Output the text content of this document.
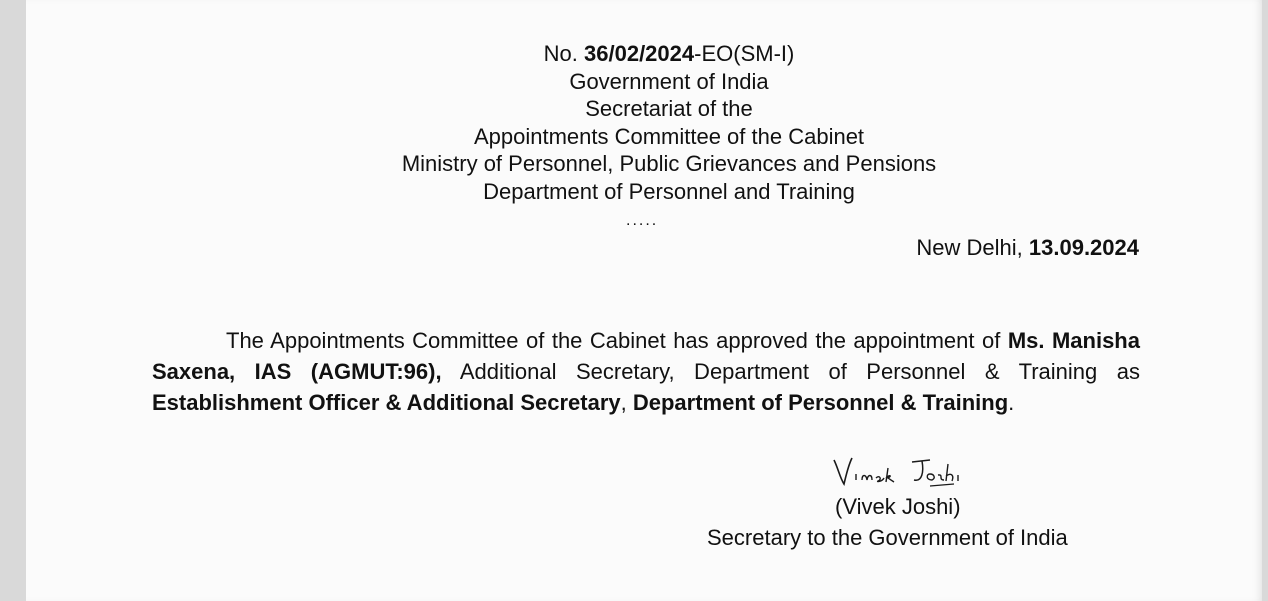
No. 36/02/2024-EO(SM-I)
Government of India
Secretariat of the
Appointments Committee of the Cabinet
Ministry of Personnel, Public Grievances and Pensions
Department of Personnel and Training
.....
New Delhi, 13.09.2024
The Appointments Committee of the Cabinet has approved the appointment of Ms. Manisha Saxena, IAS (AGMUT:96), Additional Secretary, Department of Personnel & Training as Establishment Officer & Additional Secretary, Department of Personnel & Training.
(Vivek Joshi)
Secretary to the Government of India
